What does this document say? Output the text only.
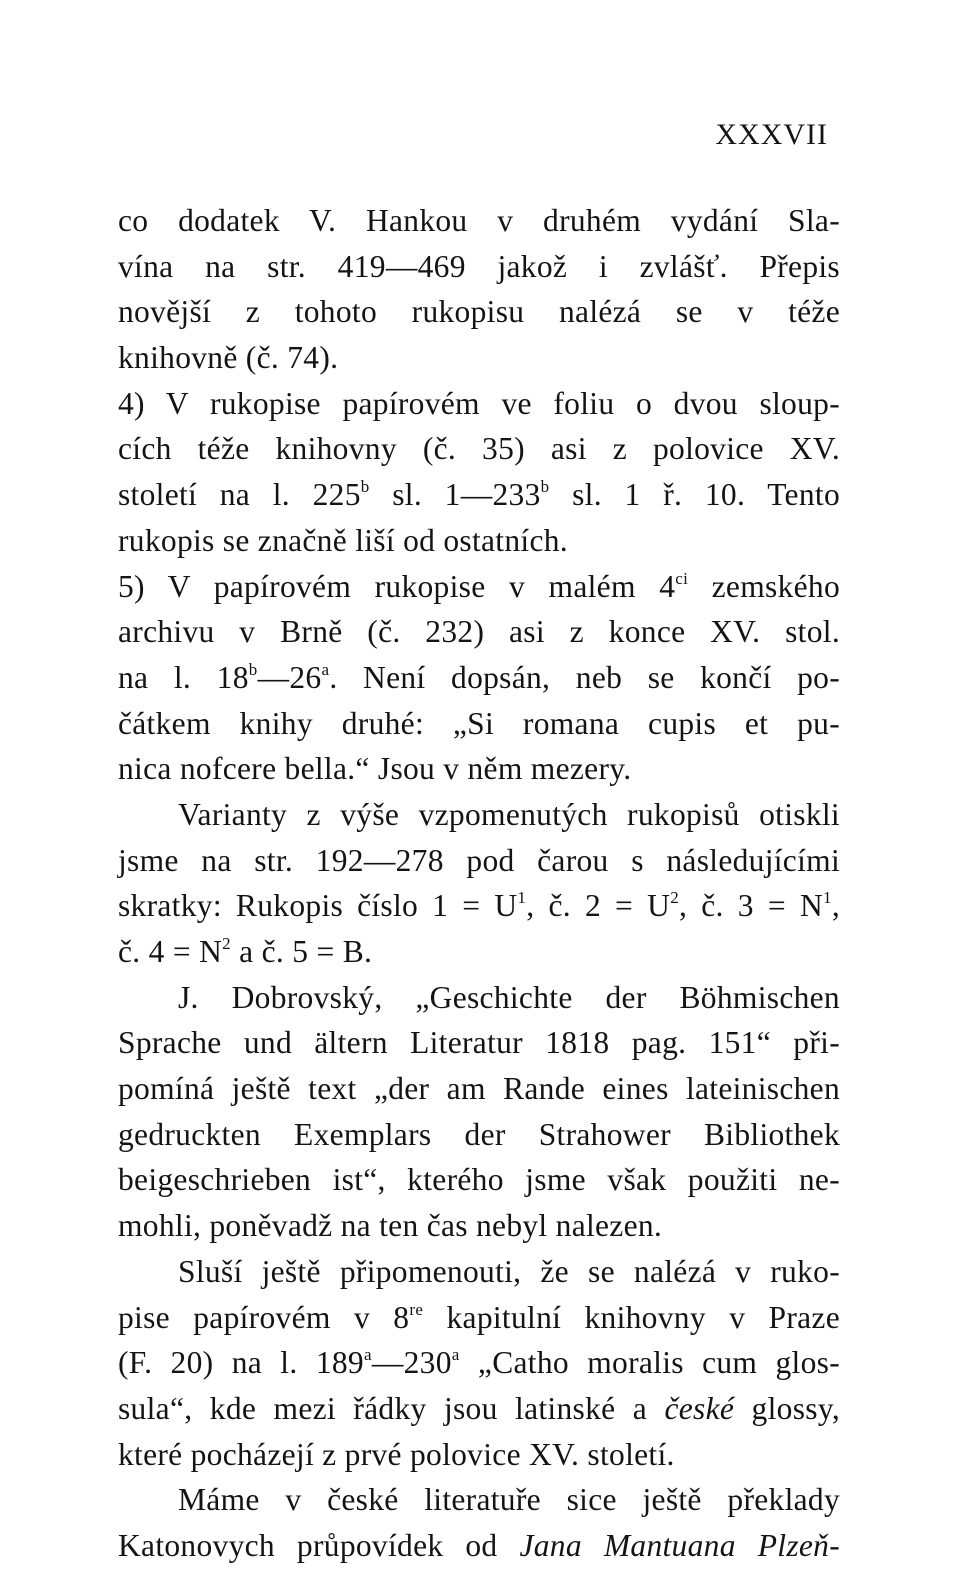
XXXVII
co dodatek V. Hankou v druhém vydání Sla-
vína na str. 419—469 jakož i zvlášť. Přepis
novější z tohoto rukopisu nalézá se v téže
knihovně (č. 74).
4) V rukopise papírovém ve foliu o dvou sloup-
cích téže knihovny (č. 35) asi z polovice XV.
století na l. 225$^b$ sl. 1—233$^b$ sl. 1 ř. 10. Tento
rukopis se značně liší od ostatních.
5) V papírovém rukopise v malém $4^{ci}$ zemského
archivu v Brně (č. 232) asi z konce XV. stol.
na l. 18$^b$—26$^a$. Není dopsán, neb se končí po-
čátkem knihy druhé: „Si romana cupis et pu-
nica nofcere bella.“ Jsou v něm mezery.
Varianty z výše vzpomenutých rukopisů otiskli
jsme na str. 192—278 pod čarou s následujícími
skratky: Rukopis číslo $1 = U^1$, č. $2 = U^2$, č. $3 = N^1$,
č. $4 = N^2$ a č. 5 = B.
J. Dobrovský, „Geschichte der Böhmischen
Sprache und ältern Literatur 1818 pag. 151“ při-
pomíná ještě text „der am Rande eines lateinischen
gedruckten Exemplars der Strahower Bibliothek
beigeschrieben ist“, kterého jsme však použiti ne-
mohli, poněvadž na ten čas nebyl nalezen.
Sluší ještě připomenouti, že se nalézá v ruko-
pise papírovém v 8re kapitulní knihovny v Praze
(F. 20) na l. 189$^a$—230$^a$ „Catho moralis cum glos-
sula“, kde mezi řádky jsou latinské a české glossy,
které pocházejí z prvé polovice XV. století.
Máme v české literatuře sice ještě překlady
Katonovych průpovídek od Jana Mantuana Plzeň-
